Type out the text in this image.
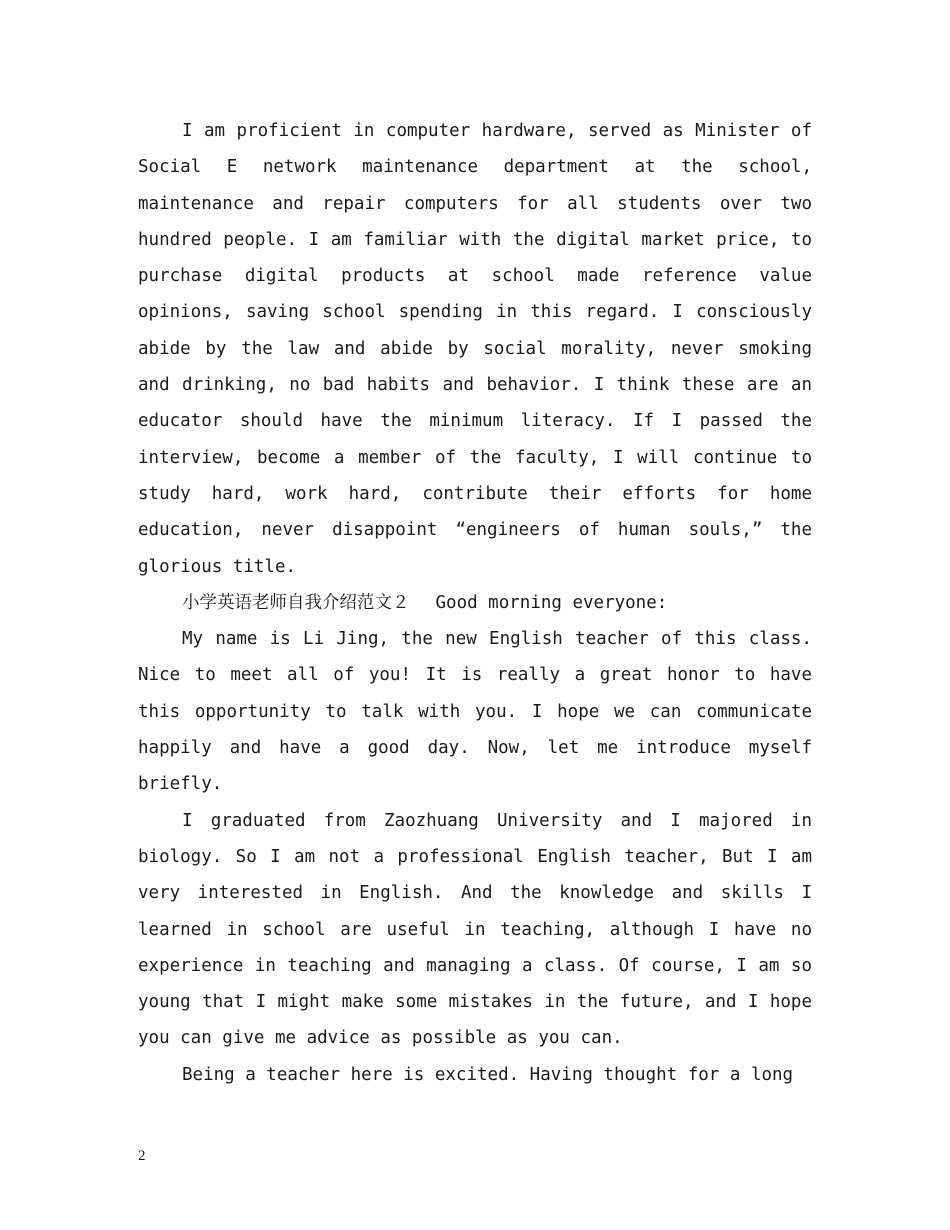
I am proficient in computer hardware, served as Minister of Social E network maintenance department at the school, maintenance and repair computers for all students over two hundred people. I am familiar with the digital market price, to purchase digital products at school made reference value opinions, saving school spending in this regard. I consciously abide by the law and abide by social morality, never smoking and drinking, no bad habits and behavior. I think these are an educator should have the minimum literacy. If I passed the interview, become a member of the faculty, I will continue to study hard, work hard, contribute their efforts for home education, never disappoint “engineers of human souls,” the glorious title.

小学英语老师自我介绍范文２ Good morning everyone:

My name is Li Jing, the new English teacher of this class. Nice to meet all of you! It is really a great honor to have this opportunity to talk with you. I hope we can communicate happily and have a good day. Now, let me introduce myself briefly.

I graduated from Zaozhuang University and I majored in biology. So I am not a professional English teacher, But I am very interested in English. And the knowledge and skills I learned in school are useful in teaching, although I have no experience in teaching and managing a class. Of course, I am so young that I might make some mistakes in the future, and I hope you can give me advice as possible as you can.

Being a teacher here is excited. Having thought for a long

2
